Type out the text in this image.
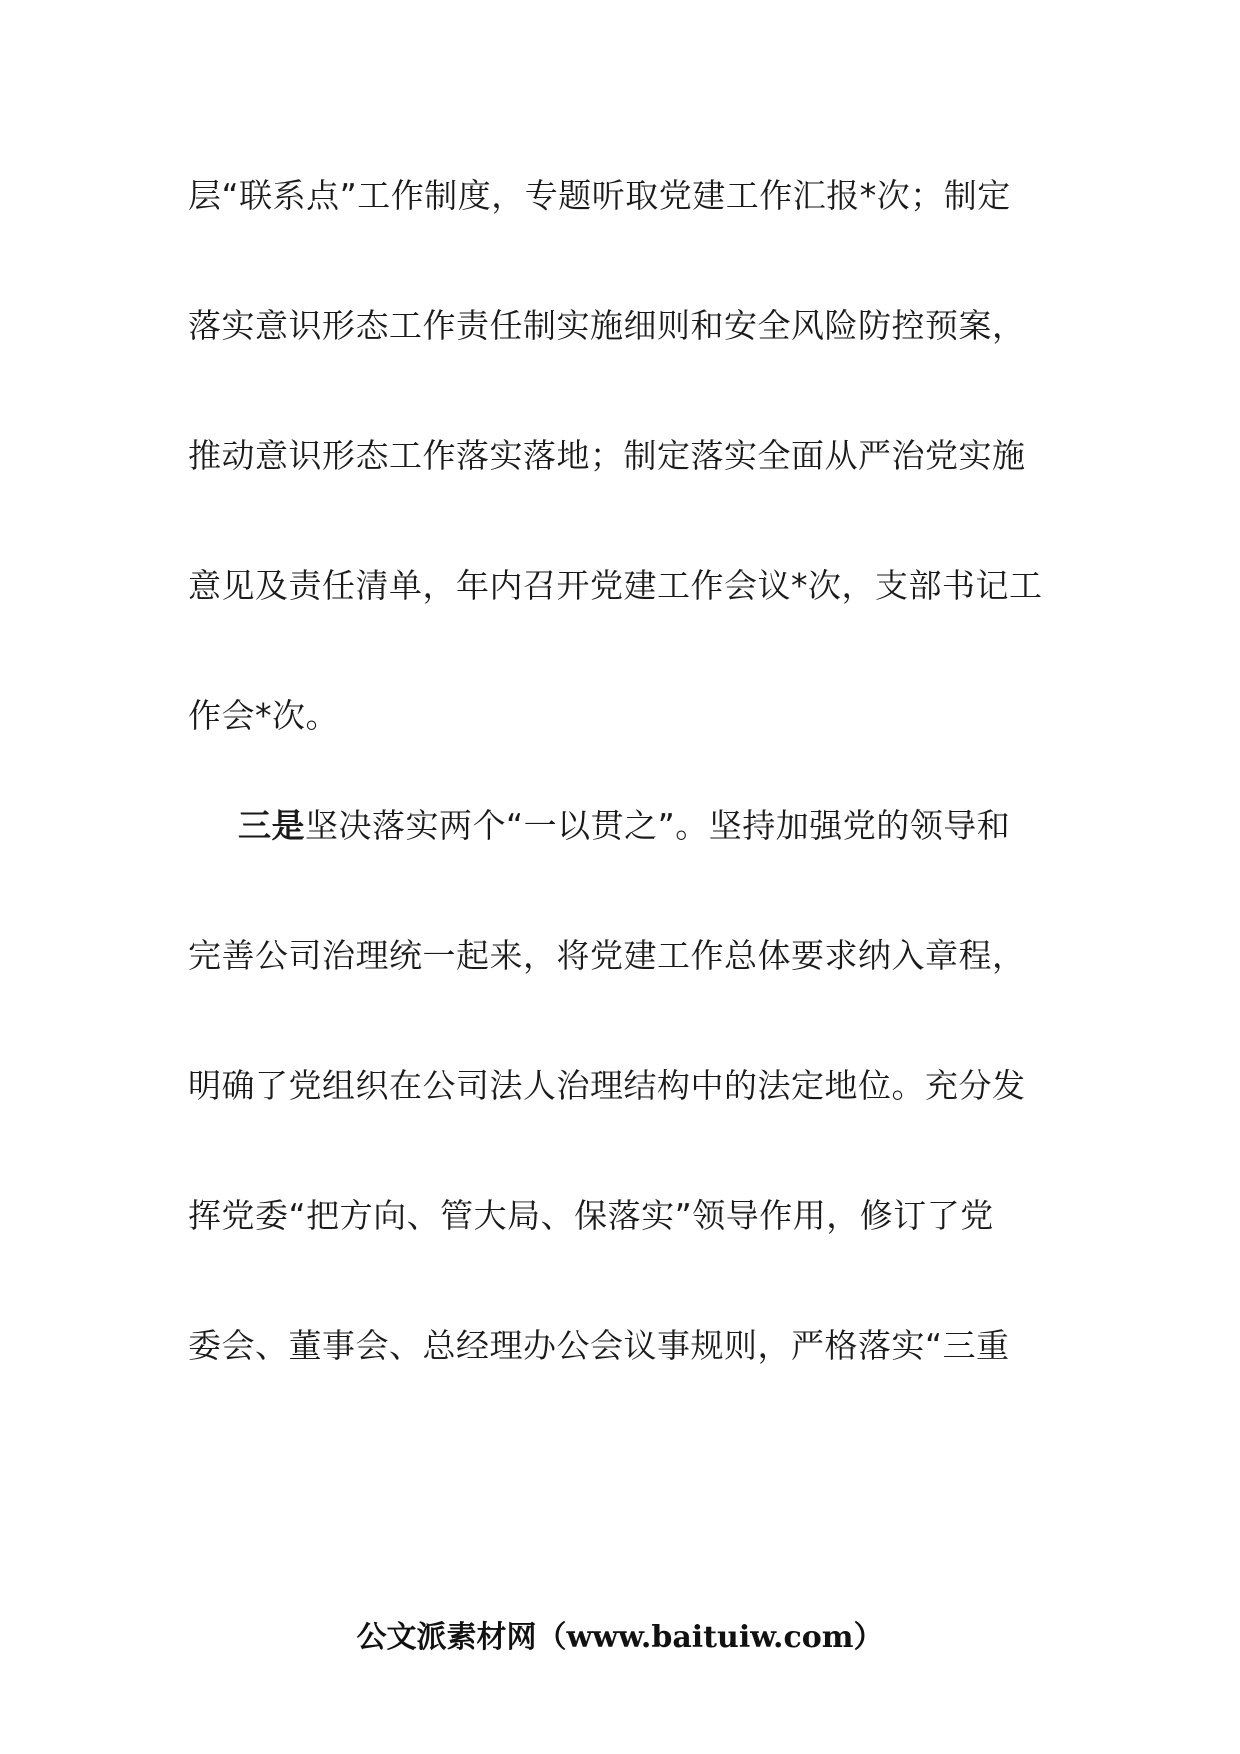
层“联系点”工作制度，专题听取党建工作汇报*次；制定
落实意识形态工作责任制实施细则和安全风险防控预案，
推动意识形态工作落实落地；制定落实全面从严治党实施
意见及责任清单，年内召开党建工作会议*次，支部书记工
作会*次。
三是坚决落实两个“一以贯之”。坚持加强党的领导和
完善公司治理统一起来，将党建工作总体要求纳入章程，
明确了党组织在公司法人治理结构中的法定地位。充分发
挥党委“把方向、管大局、保落实”领导作用，修订了党
委会、董事会、总经理办公会议事规则，严格落实“三重
公文派素材网（www.baituiw.com）
